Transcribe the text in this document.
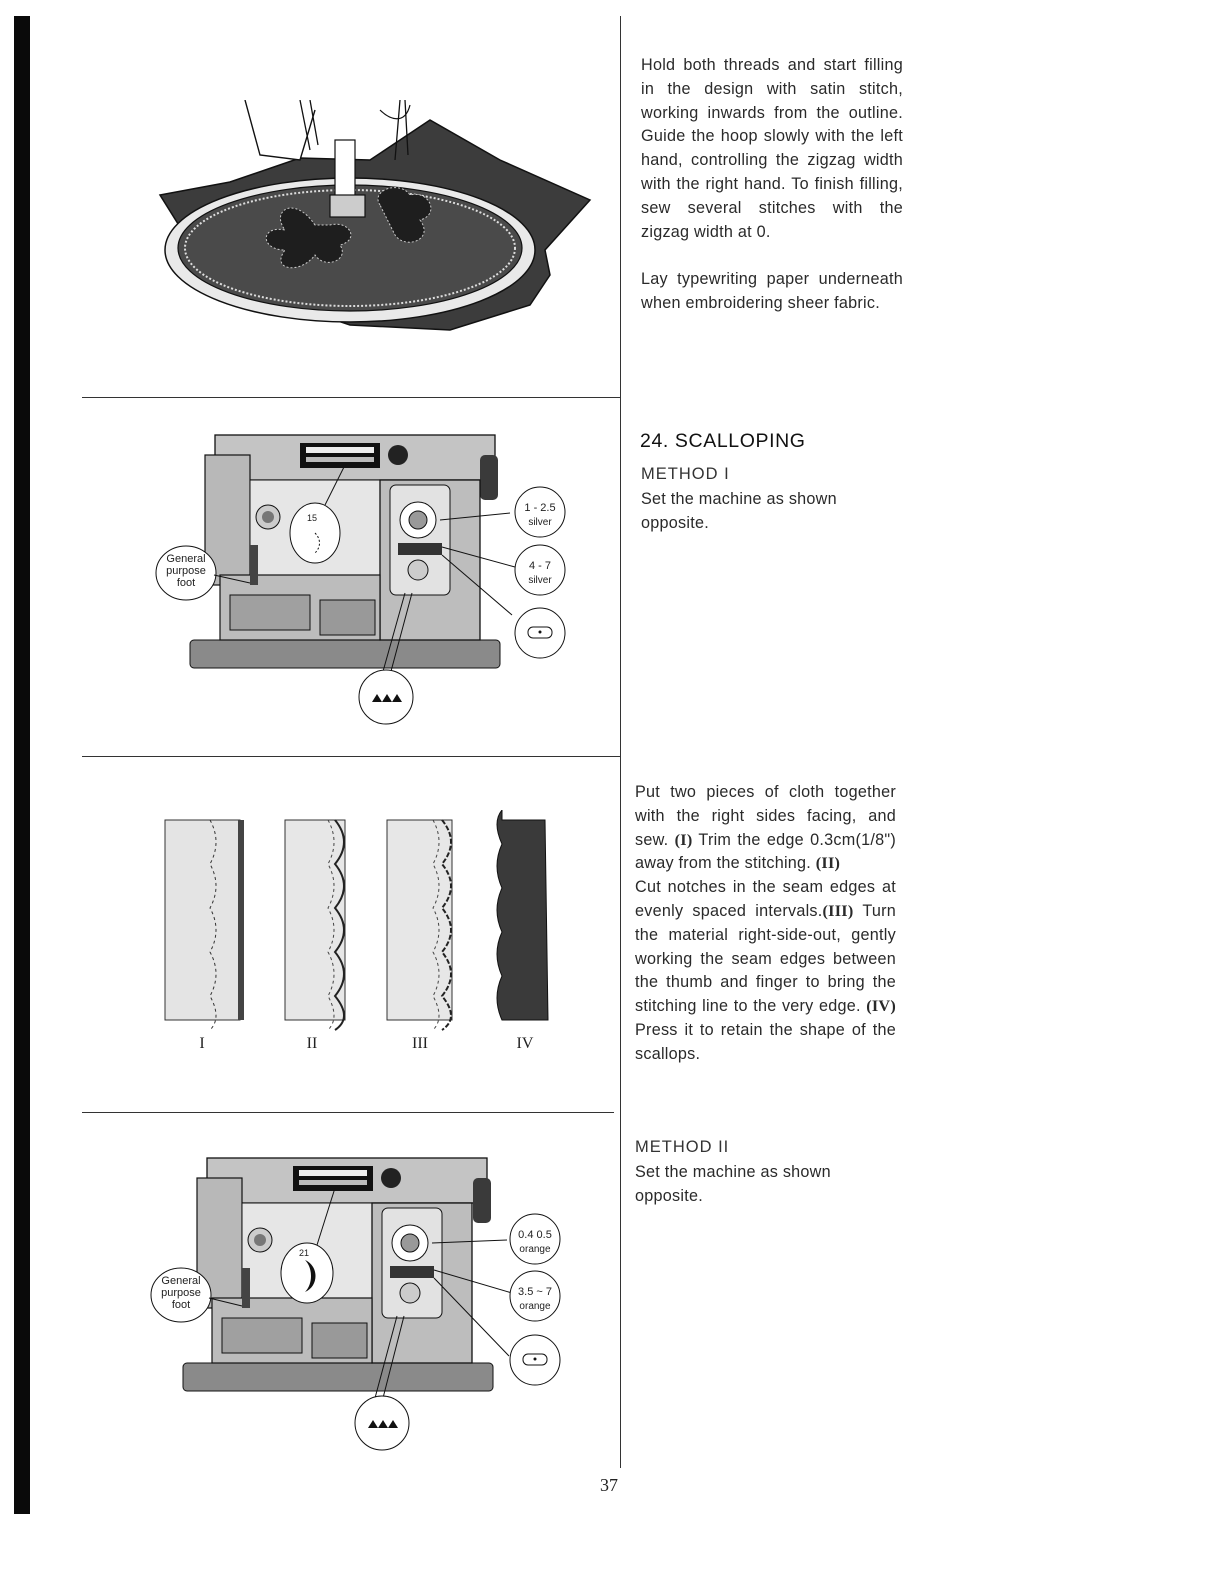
15
1 - 2.5
silver
4 - 7
silver
General
purpose
foot
I	II	III	IV
21
0.4 0.5
orange
3.5 ~ 7
orange
General
purpose
foot

Hold both threads and start filling in the design with satin stitch, working inwards from the outline. Guide the hoop slowly with the left hand, controlling the zigzag width with the right hand. To finish filling, sew several stitches with the zigzag width at 0.

Lay typewriting paper underneath when embroidering sheer fabric.

24. SCALLOPING
METHOD I
Set the machine as shown opposite.

Put two pieces of cloth together with the right sides facing, and sew. (I) Trim the edge 0.3cm(1/8") away from the stitching. (II)

Cut notches in the seam edges at evenly spaced intervals.(III) Turn the material right-side-out, gently working the seam edges between the thumb and finger to bring the stitching line to the very edge. (IV) Press it to retain the shape of the scallops.

METHOD II
Set the machine as shown opposite.
37
